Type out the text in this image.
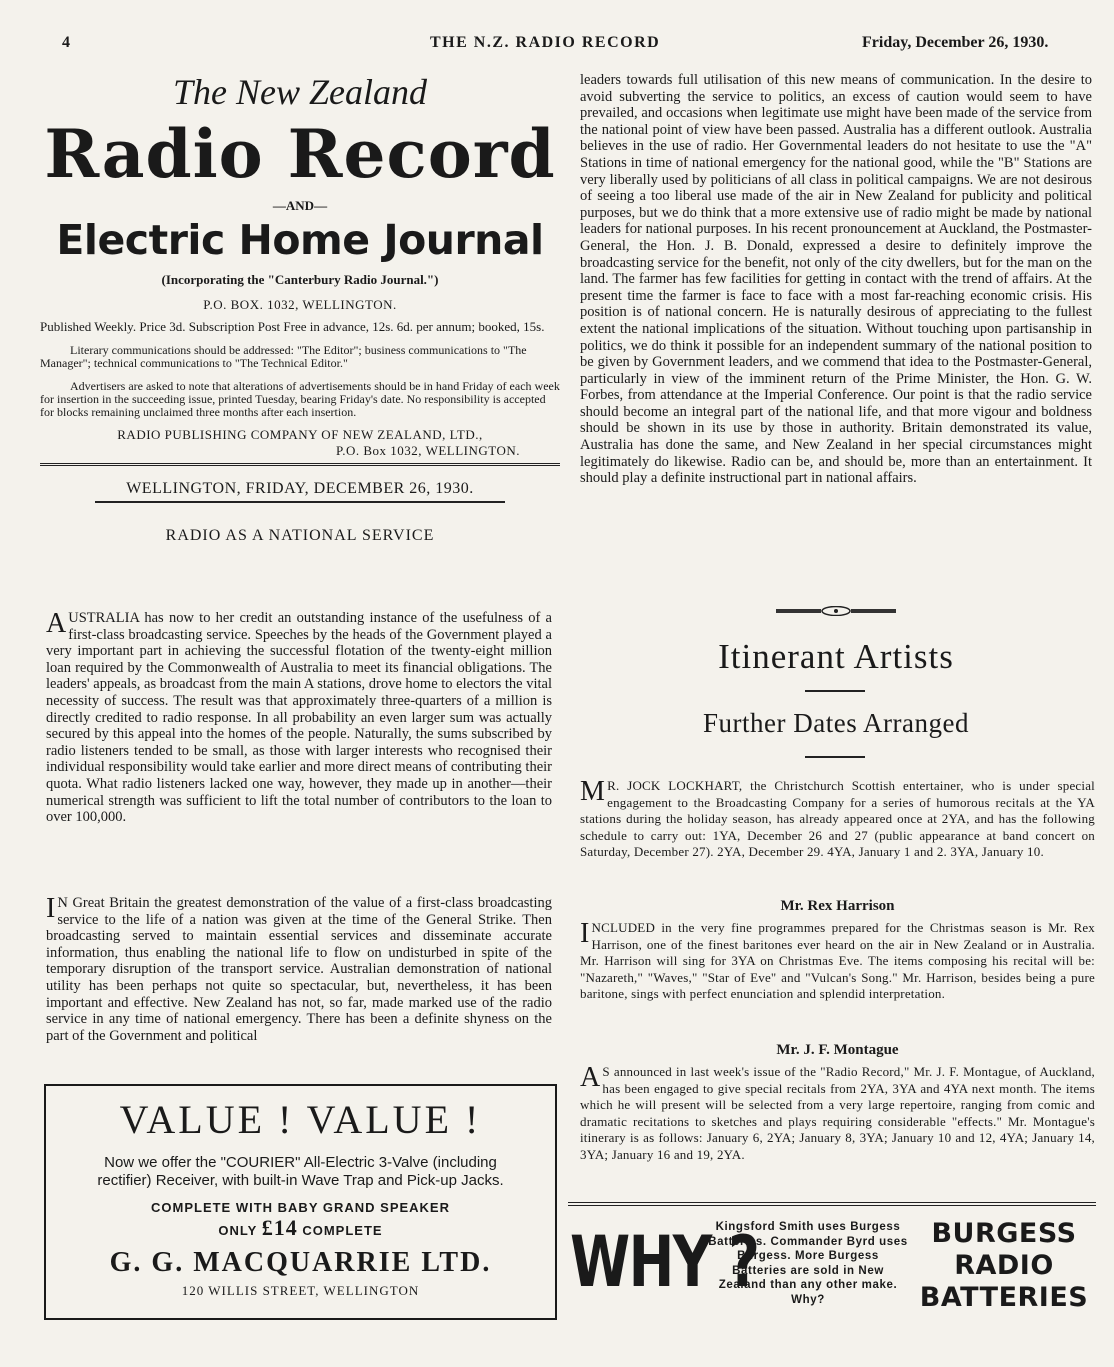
4	THE N.Z. RADIO RECORD	Friday, December 26, 1930.
The New Zealand
Radio Record
—AND—
Electric Home Journal
(Incorporating the "Canterbury Radio Journal.")
P.O. BOX. 1032, WELLINGTON.
Published Weekly. Price 3d. Subscription Post Free in advance, 12s. 6d. per annum; booked, 15s.
Literary communications should be addressed: "The Editor"; business communications to "The Manager"; technical communications to "The Technical Editor."
Advertisers are asked to note that alterations of advertisements should be in hand Friday of each week for insertion in the succeeding issue, printed Tuesday, bearing Friday's date. No responsibility is accepted for blocks remaining unclaimed three months after each insertion.
RADIO PUBLISHING COMPANY OF NEW ZEALAND, LTD.,
P.O. Box 1032, WELLINGTON.
WELLINGTON, FRIDAY, DECEMBER 26, 1930.
RADIO AS A NATIONAL SERVICE
AUSTRALIA has now to her credit an outstanding instance of the usefulness of a first-class broadcasting service. Speeches by the heads of the Government played a very important part in achieving the successful flotation of the twenty-eight million loan required by the Commonwealth of Australia to meet its financial obligations. The leaders' appeals, as broadcast from the main A stations, drove home to electors the vital necessity of success. The result was that approximately three-quarters of a million is directly credited to radio response. In all probability an even larger sum was actually secured by this appeal into the homes of the people. Naturally, the sums subscribed by radio listeners tended to be small, as those with larger interests who recognised their individual responsibility would take earlier and more direct means of contributing their quota. What radio listeners lacked one way, however, they made up in another—their numerical strength was sufficient to lift the total number of contributors to the loan to over 100,000.
I N Great Britain the greatest demonstration of the value of a first-class broadcasting service to the life of a nation was given at the time of the General Strike. Then broadcasting served to maintain essential services and disseminate accurate information, thus enabling the national life to flow on undisturbed in spite of the temporary disruption of the transport service. Australian demonstration of national utility has been perhaps not quite so spectacular, but, nevertheless, it has been important and effective. New Zealand has not, so far, made marked use of the radio service in any time of national emergency. There has been a definite shyness on the part of the Government and political
leaders towards full utilisation of this new means of communication. In the desire to avoid subverting the service to politics, an excess of caution would seem to have prevailed, and occasions when legitimate use might have been made of the service from the national point of view have been passed. Australia has a different outlook. Australia believes in the use of radio. Her Governmental leaders do not hesitate to use the "A" Stations in time of national emergency for the national good, while the "B" Stations are very liberally used by politicians of all class in political campaigns. We are not desirous of seeing a too liberal use made of the air in New Zealand for publicity and political purposes, but we do think that a more extensive use of radio might be made by national leaders for national purposes. In his recent pronouncement at Auckland, the Postmaster-General, the Hon. J. B. Donald, expressed a desire to definitely improve the broadcasting service for the benefit, not only of the city dwellers, but for the man on the land. The farmer has few facilities for getting in contact with the trend of affairs. At the present time the farmer is face to face with a most far-reaching economic crisis. His position is of national concern. He is naturally desirous of appreciating to the fullest extent the national implications of the situation. Without touching upon partisanship in politics, we do think it possible for an independent summary of the national position to be given by Government leaders, and we commend that idea to the Postmaster-General, particularly in view of the imminent return of the Prime Minister, the Hon. G. W. Forbes, from attendance at the Imperial Conference. Our point is that the radio service should become an integral part of the national life, and that more vigour and boldness should be shown in its use by those in authority. Britain demonstrated its value, Australia has done the same, and New Zealand in her special circumstances might legitimately do likewise. Radio can be, and should be, more than an entertainment. It should play a definite instructional part in national affairs.
Itinerant Artists
Further Dates Arranged
M R. JOCK LOCKHART, the Christchurch Scottish entertainer, who is under special engagement to the Broadcasting Company for a series of humorous recitals at the YA stations during the holiday season, has already appeared once at 2YA, and has the following schedule to carry out: 1YA, December 26 and 27 (public appearance at band concert on Saturday, December 27). 2YA, December 29. 4YA, January 1 and 2. 3YA, January 10.
Mr. Rex Harrison
INCLUDED in the very fine programmes prepared for the Christmas season is Mr. Rex Harrison, one of the finest baritones ever heard on the air in New Zealand or in Australia. Mr. Harrison will sing for 3YA on Christmas Eve. The items composing his recital will be: "Nazareth," "Waves," "Star of Eve" and "Vulcan's Song." Mr. Harrison, besides being a pure baritone, sings with perfect enunciation and splendid interpretation.
Mr. J. F. Montague
A S announced in last week's issue of the "Radio Record," Mr. J. F. Montague, of Auckland, has been engaged to give special recitals from 2YA, 3YA and 4YA next month. The items which he will present will be selected from a very large repertoire, ranging from comic and dramatic recitations to sketches and plays requiring considerable "effects." Mr. Montague's itinerary is as follows: January 6, 2YA; January 8, 3YA; January 10 and 12, 4YA; January 14, 3YA; January 16 and 19, 2YA.
VALUE ! VALUE !
Now we offer the "COURIER" All-Electric 3-Valve (including rectifier) Receiver, with built-in Wave Trap and Pick-up Jacks.
COMPLETE WITH BABY GRAND SPEAKER
ONLY £14 COMPLETE
G. G. MACQUARRIE LTD.
120 WILLIS STREET, WELLINGTON	WHY ?
Kingsford Smith uses Burgess Batteries. Commander Byrd uses Burgess. More Burgess Batteries are sold in New Zealand than any other make. Why?
BURGESS
RADIO
BATTERIES
